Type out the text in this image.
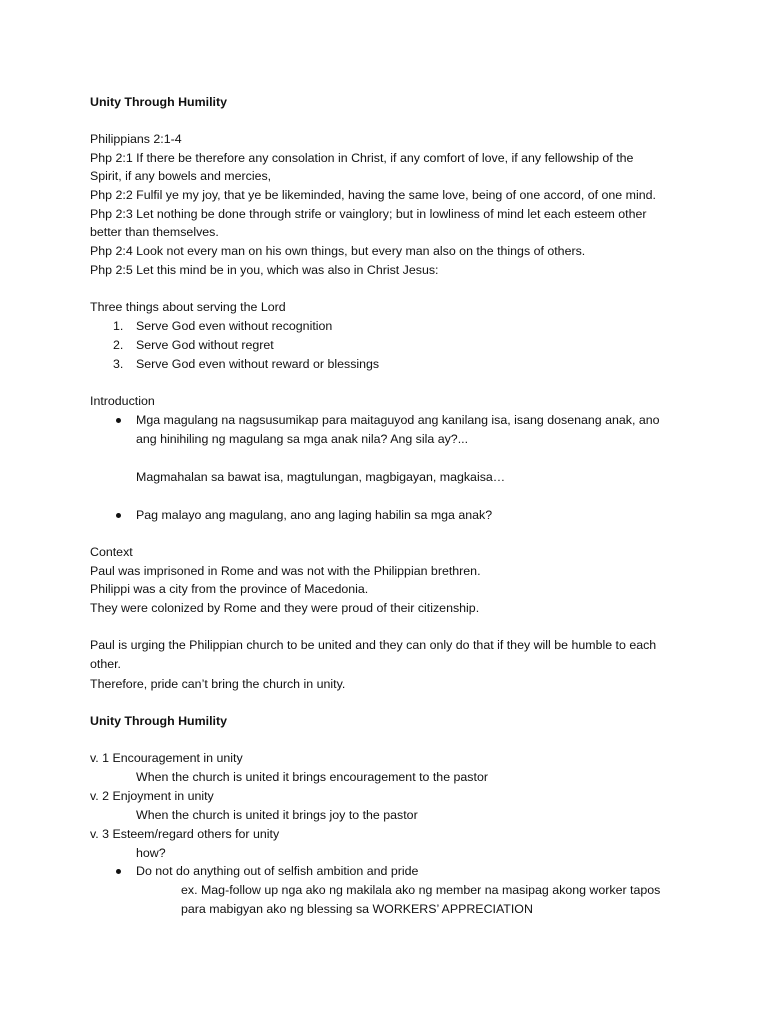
Unity Through Humility
Philippians 2:1-4
Php 2:1 If there be therefore any consolation in Christ, if any comfort of love, if any fellowship of the
Spirit, if any bowels and mercies,
Php 2:2 Fulfil ye my joy, that ye be likeminded, having the same love, being of one accord, of one mind.
Php 2:3 Let nothing be done through strife or vainglory; but in lowliness of mind let each esteem other
better than themselves.
Php 2:4 Look not every man on his own things, but every man also on the things of others.
Php 2:5 Let this mind be in you, which was also in Christ Jesus:
Three things about serving the Lord
1. Serve God even without recognition
2. Serve God without regret
3. Serve God even without reward or blessings
Introduction
Mga magulang na nagsusumikap para maitaguyod ang kanilang isa, isang dosenang anak, ano
ang hinihiling ng magulang sa mga anak nila? Ang sila ay?...
Magmahalan sa bawat isa, magtulungan, magbigayan, magkaisa…
Pag malayo ang magulang, ano ang laging habilin sa mga anak?
Context
Paul was imprisoned in Rome and was not with the Philippian brethren.
Philippi was a city from the province of Macedonia.
They were colonized by Rome and they were proud of their citizenship.
Paul is urging the Philippian church to be united and they can only do that if they will be humble to each
other.
Therefore, pride can’t bring the church in unity.
Unity Through Humility
v. 1 Encouragement in unity
When the church is united it brings encouragement to the pastor
v. 2 Enjoyment in unity
When the church is united it brings joy to the pastor
v. 3 Esteem/regard others for unity
how?
Do not do anything out of selfish ambition and pride
ex. Mag-follow up nga ako ng makilala ako ng member na masipag akong worker tapos
para mabigyan ako ng blessing sa WORKERS’ APPRECIATION
